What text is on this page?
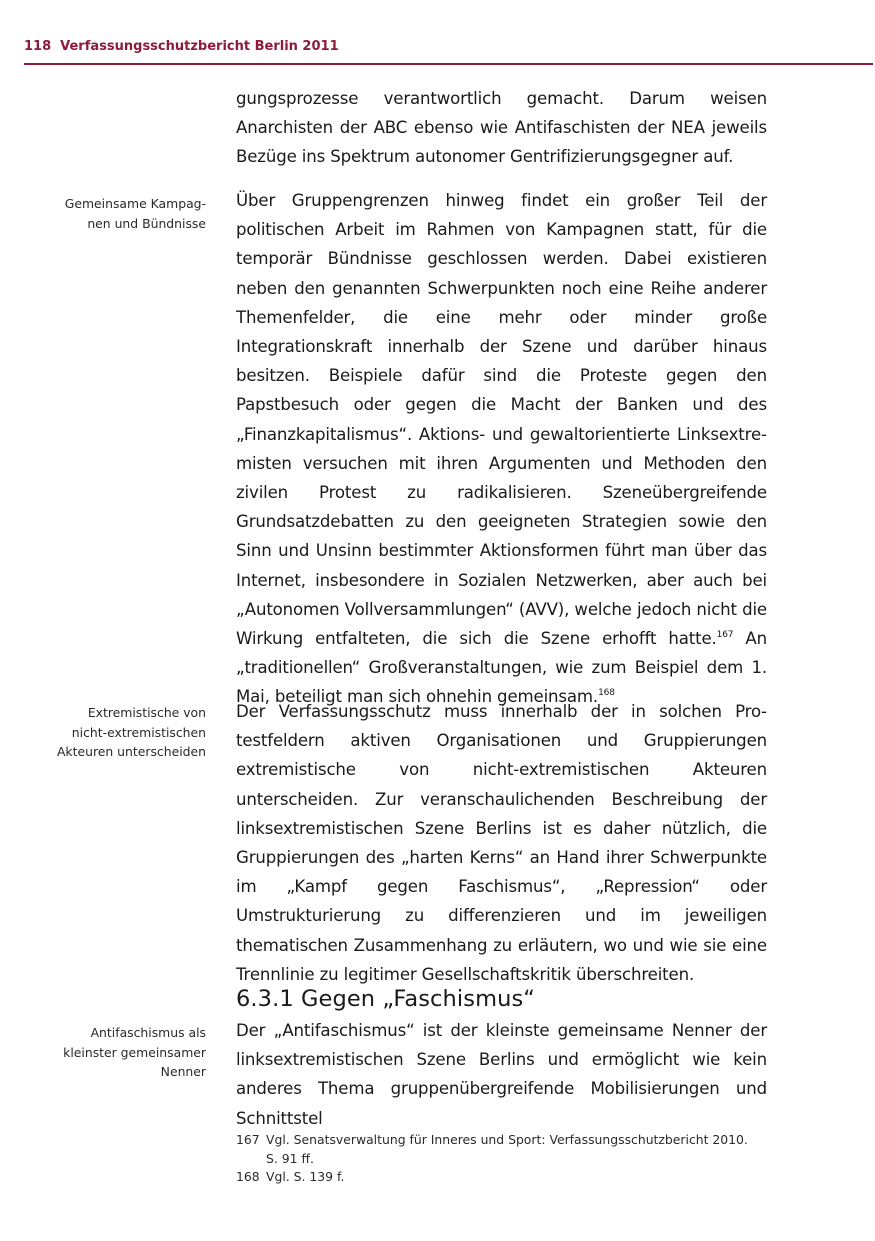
118 Verfassungsschutzbericht Berlin 2011

gungsprozesse verantwortlich gemacht. Darum weisen Anarchisten der ABC ebenso wie Antifaschisten der NEA jeweils Bezüge ins Spektrum autonomer Gentrifizierungsgegner auf.

Gemeinsame Kampag-
nen und Bündnisse

Über Gruppengrenzen hinweg findet ein großer Teil der politischen Arbeit im Rahmen von Kampagnen statt, für die temporär Bündnisse geschlossen werden. Dabei existieren neben den genannten Schwerpunkten noch eine Reihe anderer Themenfelder, die eine mehr oder minder große Integrationskraft innerhalb der Szene und darüber hinaus besitzen. Beispiele dafür sind die Proteste gegen den Papstbesuch oder gegen die Macht der Banken und des „Finanzkapitalismus“. Aktions- und gewaltorientierte Linksextremisten versuchen mit ihren Argumenten und Methoden den zivilen Protest zu radikalisieren. Szeneübergreifende Grundsatzdebatten zu den geeigneten Strategien sowie den Sinn und Unsinn bestimmter Aktionsformen führt man über das Internet, insbesondere in Sozialen Netzwerken, aber auch bei „Autonomen Vollversammlungen“ (AVV), welche jedoch nicht die Wirkung entfalteten, die sich die Szene erhofft hatte.$^{167}$ An „traditionellen“ Großveranstaltungen, wie zum Beispiel dem 1. Mai, beteiligt man sich ohnehin gemeinsam.$^{168}$

Extremistische von
nicht-extremistischen
Akteuren unterscheiden

Der Verfassungsschutz muss innerhalb der in solchen Protestfeldern aktiven Organisationen und Gruppierungen extremistische von nicht-extremistischen Akteuren unterscheiden. Zur veranschaulichenden Beschreibung der linksextremistischen Szene Berlins ist es daher nützlich, die Gruppierungen des „harten Kerns“ an Hand ihrer Schwerpunkte im „Kampf gegen Faschismus“, „Repression“ oder Umstrukturierung zu differenzieren und im jeweiligen thematischen Zusammenhang zu erläutern, wo und wie sie eine Trennlinie zu legitimer Gesellschaftskritik überschreiten.

6.3.1 Gegen „Faschismus“
Antifaschismus als
kleinster gemeinsamer
Nenner

Der „Antifaschismus“ ist der kleinste gemeinsame Nenner der linksextremistischen Szene Berlins und ermöglicht wie kein anderes Thema gruppenübergreifende Mobilisierungen und Schnittstel

167 Vgl. Senatsverwaltung für Inneres und Sport: Verfassungsschutzbericht 2010.
S. 91 ff.
168 Vgl. S. 139 f.
